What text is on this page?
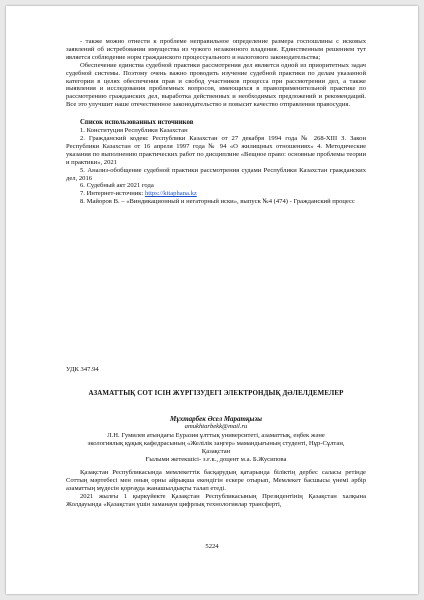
- также можно отнести к проблеме неправильное определение размера госпошлины с исковых заявлений об истребовании имущества из чужого незаконного владения. Единственным решением тут является соблюдение норм гражданского процессуального и налогового законодательства;

Обеспечение единства судебной практики рассмотрения дел является одной из приоритетных задач судебной системы. Поэтому очень важно проводить изучение судебной практики по делам указанной категории в целях обеспечения прав и свобод участников процесса при рассмотрении дел, а также выявления и исследования проблемных вопросов, имеющихся в правоприменительной практике по рассмотрению гражданских дел, выработка действенных и необходимых предложений и рекомендаций. Все это улучшит наше отечественное законодательство и повысит качество отправления правосудия.

Список использованных источников

1. Конституция Республики Казахстан

2. Гражданский кодекс Республики Казахстан от 27 декабря 1994 года № 268-XIII З. Закон Республики Казахстан от 16 апреля 1997 года № 94 «О жилищных отношениях» 4. Методические указания по выполнению практических работ по дисциплине «Вещное право: основные проблемы теории и практики», 2021

5. Анализ-обобщение судебной практики рассмотрения судами Республики Казахстан гражданских дел, 2016

6. Судебный акт 2021 года

7. Интернет-источник: https://kitaphana.kz

8. Майоров В. – «Виндикационный и негаторный иски», выпуск №4 (474) - Гражданский процесс

УДК 347.94
АЗАМАТТЫҚ СОТ ІСІН ЖҮРГІЗУДЕГІ ЭЛЕКТРОНДЫҚ ДӘЛЕЛДЕМЕЛЕР
Мұхтарбек Әсел Маратқызы
amukhtarbekk@mail.ru
Л.Н. Гумилев атындағы Еуразия ұлттық университеті, азаматтық, еңбек және
экологиялық құқық кафедрасының «Желілік заңгер» мамандығының студенті, Нұр-Сұлтан,
Қазақстан
Ғылыми жетекшісі- з.ғ.к., доцент м.а. Б.Жусипова

Қазақстан Республикасында мемлекеттік басқарудың қатарында біліктің дербес саласы ретінде Соттың мәртебесі мен оның орны айрықша екендігін ескере отырып, Мемлекет басшысы үнемі әрбір азаматтың мүдесін қорғауда жанашылдықты талап етеді.

2021 жылғы 1 қыркүйекте Қазақстан Республикасының Президентінің Қазақстан халқына Жолдауында «Қазақстан үшін заманауи цифрлық технологиялар трансферті,

5224
